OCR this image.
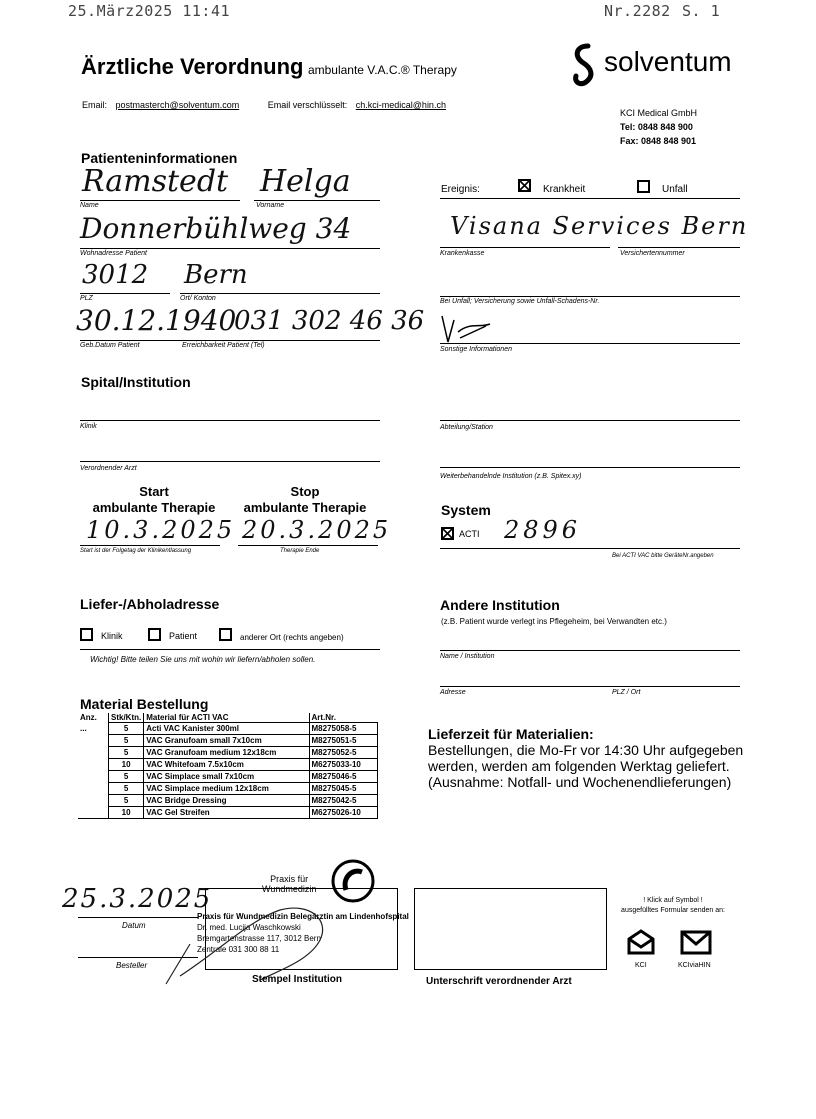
25.März2025 11:41	Nr.2282 S. 1
Ärztliche Verordnung ambulante V.A.C.® Therapy	solventum
KCI Medical GmbH
Tel: 0848 848 900
Fax: 0848 848 901
Email: postmasterch@solventum.com	Email verschlüsselt: ch.kci-medical@hin.ch
Patienteninformationen
Ramstedt
Name
Helga
Vorname
Donnerbühlweg 34
Wohnadresse Patient
3012
PLZ
Bern
Ort/ Konton
30.12.1940
Geb.Datum Patient
031 302 46 36
Erreichbarkeit Patient (Tel)
Ereignis:	Krankheit	Unfall
Visana Services Bern
Krankenkasse	Versichertennummer
Bei Unfall; Versicherung sowie Unfall-Schadens-Nr.
Sonstige Informationen
Spital/Institution
Klinik	Abteilung/Station
Verordnender Arzt
Weiterbehandelnde Institution (z.B. Spitex.xy)
Start
ambulante Therapie
Stop
ambulante Therapie
10.3.2025
Start ist der Folgetag der Klinikentlassung
20.3.2025
Therapie Ende
System
ACTI 2896
Bei ACTI VAC bitte GeräteNr.angeben
Liefer-/Abholadresse
Klinik	Patient	anderer Ort (rechts angeben)
Wichtig! Bitte teilen Sie uns mit wohin wir liefern/abholen sollen.
Andere Institution
(z.B. Patient wurde verlegt ins Pflegeheim, bei Verwandten etc.)
Name / Institution
Adresse	PLZ / Ort
Material Bestellung
Anz.	Stk/Ktn.	Material für ACTI VAC	Art.Nr.
...	5	Acti VAC Kanister 300ml	M8275058-5
	5	VAC Granufoam small 7x10cm	M8275051-5
	5	VAC Granufoam medium 12x18cm	M8275052-5
	10	VAC Whitefoam 7.5x10cm	M6275033-10
	5	VAC Simplace small 7x10cm	M8275046-5
	5	VAC Simplace medium 12x18cm	M8275045-5
	5	VAC Bridge Dressing	M8275042-5
	10	VAC Gel Streifen	M6275026-10
Lieferzeit für Materialien:
Bestellungen, die Mo-Fr vor 14:30 Uhr aufgegeben
werden, werden am folgenden Werktag geliefert.
(Ausnahme: Notfall- und Wochenendlieferungen)
25.3.2025
Datum
Besteller
Praxis für
Wundmedizin
Praxis für Wundmedizin Belegärztin am Lindenhofspital
Dr. med. Lucija Waschkowski
Bremgartenstrasse 117, 3012 Bern
Zentrale 031 300 88 11
Stempel Institution	Unterschrift verordnender Arzt
! Klick auf Symbol !
ausgefülltes Formular senden an:
KCI	KCIviaHIN
